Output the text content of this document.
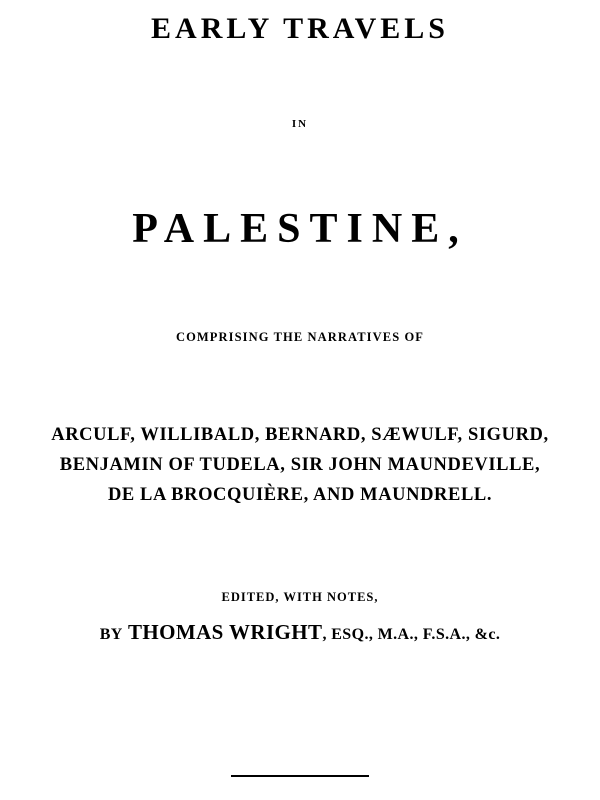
EARLY TRAVELS
IN
PALESTINE,
COMPRISING THE NARRATIVES OF
ARCULF, WILLIBALD, BERNARD, SÆWULF, SIGURD,
BENJAMIN OF TUDELA, SIR JOHN MAUNDEVILLE,
DE LA BROCQUIÈRE, AND MAUNDRELL.
EDITED, WITH NOTES,
BY THOMAS WRIGHT, ESQ., M.A., F.S.A., &c.
